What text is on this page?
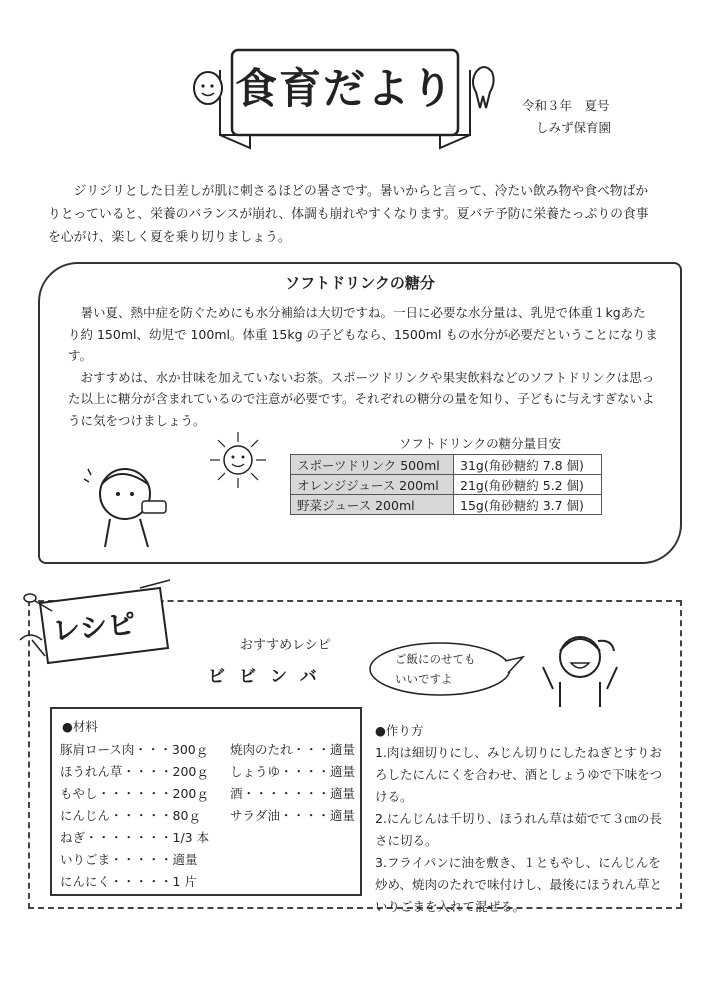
食育だより	令和３年　夏号
しみず保育園
ジリジリとした日差しが肌に刺さるほどの暑さです。暑いからと言って、冷たい飲み物や食べ物ばかりとっていると、栄養のバランスが崩れ、体調も崩れやすくなります。夏バテ予防に栄養たっぷりの食事を心がけ、楽しく夏を乗り切りましょう。
ソフトドリンクの糖分

暑い夏、熱中症を防ぐためにも水分補給は大切ですね。一日に必要な水分量は、乳児で体重１kgあたり約 150ml、幼児で 100ml。体重 15kg の子どもなら、1500ml もの水分が必要だということになります。

おすすめは、水か甘味を加えていないお茶。スポーツドリンクや果実飲料などのソフトドリンクは思った以上に糖分が含まれているので注意が必要です。それぞれの糖分の量を知り、子どもに与えすぎないように気をつけましょう。

ソフトドリンクの糖分量目安
スポーツドリンク 500ml	31g(角砂糖約 7.8 個)
オレンジジュース 200ml	21g(角砂糖約 5.2 個)
野菜ジュース 200ml	15g(角砂糖約 3.7 個)
おすすめレシピ
ビビンバ
ご飯にのせても
いいですよ
●材料
豚肩ロース肉・・・300ｇ
ほうれん草・・・・200ｇ
もやし・・・・・・200ｇ
にんじん・・・・・80ｇ
ねぎ・・・・・・・1/3 本
いりごま・・・・・適量
にんにく・・・・・1 片
焼肉のたれ・・・適量
しょうゆ・・・・適量
酒・・・・・・・適量
サラダ油・・・・適量

●作り方

1.肉は細切りにし、みじん切りにしたねぎとすりおろしたにんにくを合わせ、酒としょうゆで下味をつける。

2.にんじんは千切り、ほうれん草は茹でて３㎝の長さに切る。

3.フライパンに油を敷き、１ともやし、にんじんを炒め、焼肉のたれで味付けし、最後にほうれん草といりごまを入れて混ぜる。

レシピ
